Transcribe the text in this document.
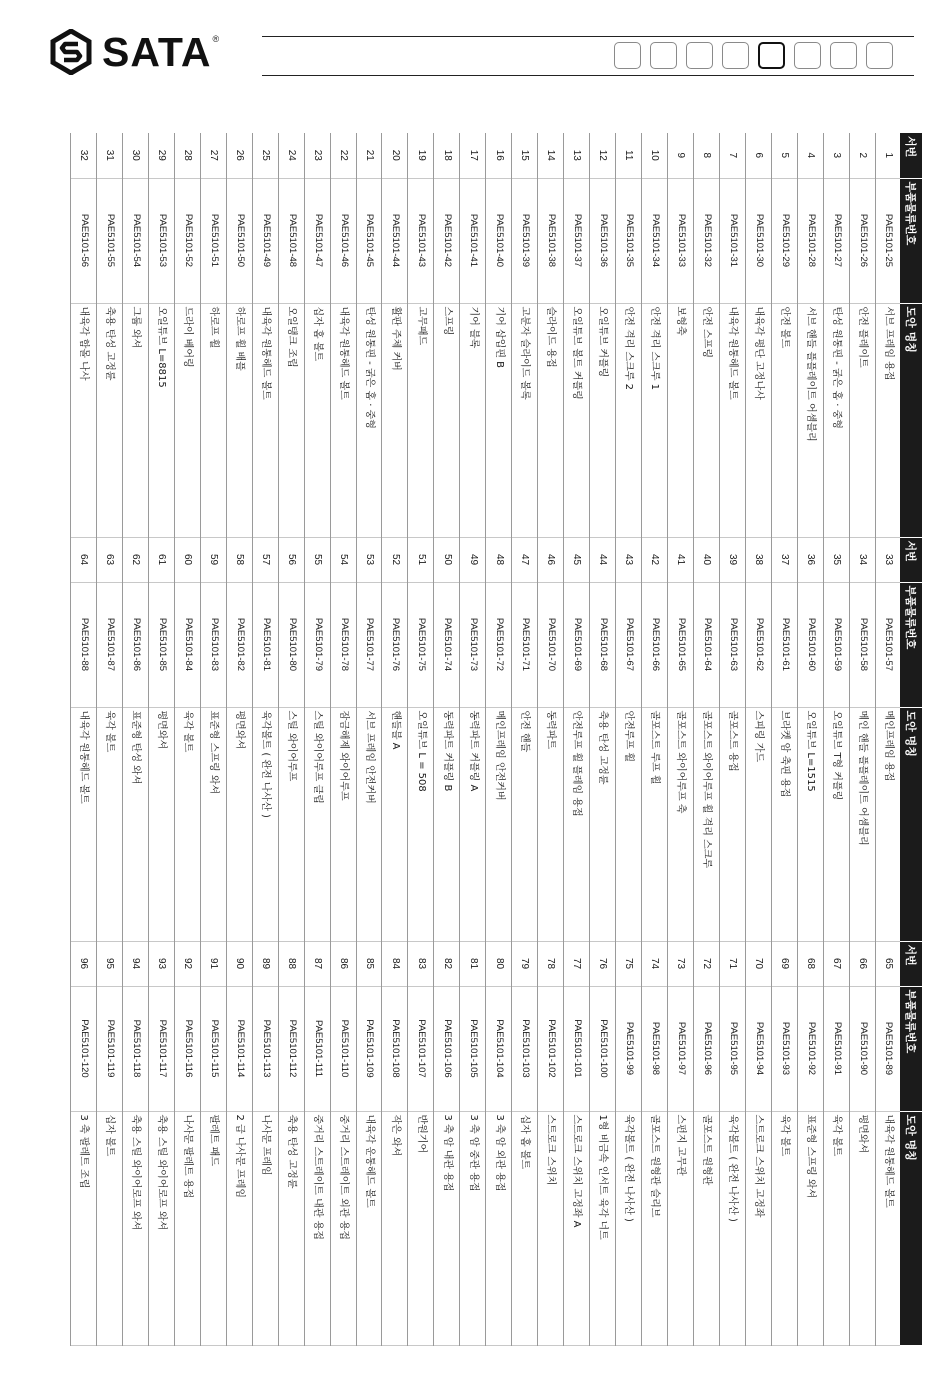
SATA ®
서번	부품물류번호	도안 명칭	서번	부품물류번호	도안 명칭	서번	부품물류번호	도안 명칭
1	PAE5101-25	서브 프레임 용접	33	PAE5101-57	메인프레임 용접	65	PAE5101-89	내육각 원통헤드 볼트
2	PAE5101-26	안전 플레이트	34	PAE5101-58	메인 핸들 플플레이트 어셈블리	66	PAE5101-90	평면와셔
3	PAE5101-27	탄성 원통핀 - 굵은 홈 · 중형	35	PAE5101-59	오일튜브 T형 커플링	67	PAE5101-91	육각 볼트
4	PAE5101-28	서브 핸들 플플레이트 어셈블리	36	PAE5101-60	오일튜브 L=1515	68	PAE5101-92	표준형 스프링 와셔
5	PAE5101-29	안전 볼트	37	PAE5101-61	브라켓 암 축핀 용접	69	PAE5101-93	육각 볼트
6	PAE5101-30	내육각 평단 고정나사	38	PAE5101-62	스피링 가드	70	PAE5101-94	스트로크 스위치 고정좌
7	PAE5101-31	내육각 원통헤드 볼트	39	PAE5101-63	골포스트 용접	71	PAE5101-95	육각볼트 ( 완전 나사산 )
8	PAE5101-32	안전 스프링	40	PAE5101-64	골포스트 와이어루프 휠 격리 스크루	72	PAE5101-96	골포스트 원형관
9	PAE5101-33	보형축	41	PAE5101-65	골포스트 와이어루프 축	73	PAE5101-97	스펀지 고무관
10	PAE5101-34	안전 격리 스크루 1	42	PAE5101-66	골포스트 루프 휠	74	PAE5101-98	골포스트 원형관 슬리브
11	PAE5101-35	안전 격리 스크루 2	43	PAE5101-67	안전루프 휠	75	PAE5101-99	육각볼트 ( 완전 나사산 )
12	PAE5101-36	오일튜브 커플링	44	PAE5101-68	축용 탄성 고정륜	76	PAE5101-100	1형 비금속 인서트 육각 너트
13	PAE5101-37	오일튜브 볼트 커플링	45	PAE5101-69	안전루프 휠 플레임 용접	77	PAE5101-101	스트로크 스위치 고정좌 A
14	PAE5101-38	슬라이드 용접	46	PAE5101-70	동력파트	78	PAE5101-102	스트로크 스위치
15	PAE5101-39	고분자 슬라이드 볼록	47	PAE5101-71	안전 핸들	79	PAE5101-103	십자 홈 볼트
16	PAE5101-40	기어 삽입핀 B	48	PAE5101-72	메인프레임 안전커버	80	PAE5101-104	3 축 암 외관 용접
17	PAE5101-41	기어 블록	49	PAE5101-73	동력파트 커플링 A	81	PAE5101-105	3 축 암 중관 용접
18	PAE5101-42	스프링	50	PAE5101-74	동력파트 커플링 B	82	PAE5101-106	3 축 암 내관 용접
19	PAE5101-43	고무패드	51	PAE5101-75	오일튜브 L = 508	83	PAE5101-107	반원기어
20	PAE5101-44	활판 주체 커버	52	PAE5101-76	핸들블 A	84	PAE5101-108	작은 와셔
21	PAE5101-45	탄성 원통핀 - 굵은 홈 · 중형	53	PAE5101-77	서브 프레임 안전커버	85	PAE5101-109	내육각 운통헤드 볼트
22	PAE5101-46	내육각 원통헤드 볼트	54	PAE5101-78	잠금해제 와이어루프	86	PAE5101-110	중거리 스트레이트 외관 용접
23	PAE5101-47	십자 홈 볼트	55	PAE5101-79	스틸 와이어루프 클립	87	PAE5101-111	중거리 스트레이트 내관 용접
24	PAE5101-48	오일탱크 조립	56	PAE5101-80	스틸 와이어루프	88	PAE5101-112	축용 탄성 고정륜
25	PAE5101-49	내육각 원통헤드 볼트	57	PAE5101-81	육각볼트 ( 완전 나사산 )	89	PAE5101-113	나사문 프레임
26	PAE5101-50	하로프 휠 배플	58	PAE5101-82	평면와셔	90	PAE5101-114	2 급 나사문 프레임
27	PAE5101-51	하로프 휠	59	PAE5101-83	표준형 스프링 와셔	91	PAE5101-115	팔레트 패드
28	PAE5101-52	드라이 베어링	60	PAE5101-84	육각 볼트	92	PAE5101-116	나사문 팔레트 용접
29	PAE5101-53	오일튜브 L=8815	61	PAE5101-85	평면와셔	93	PAE5101-117	축용 스틸 와이어로프 와셔
30	PAE5101-54	그룹 와셔	62	PAE5101-86	표준형 탄성 와셔	94	PAE5101-118	축용 스틸 와이어로프 와셔
31	PAE5101-55	축용 탄성 고정륜	63	PAE5101-87	육각 볼트	95	PAE5101-119	십자 볼트
32	PAE5101-56	내육각 함몰 나사	64	PAE5101-88	내육각 원통헤드 볼트	96	PAE5101-120	3 축 팔레트 조립
